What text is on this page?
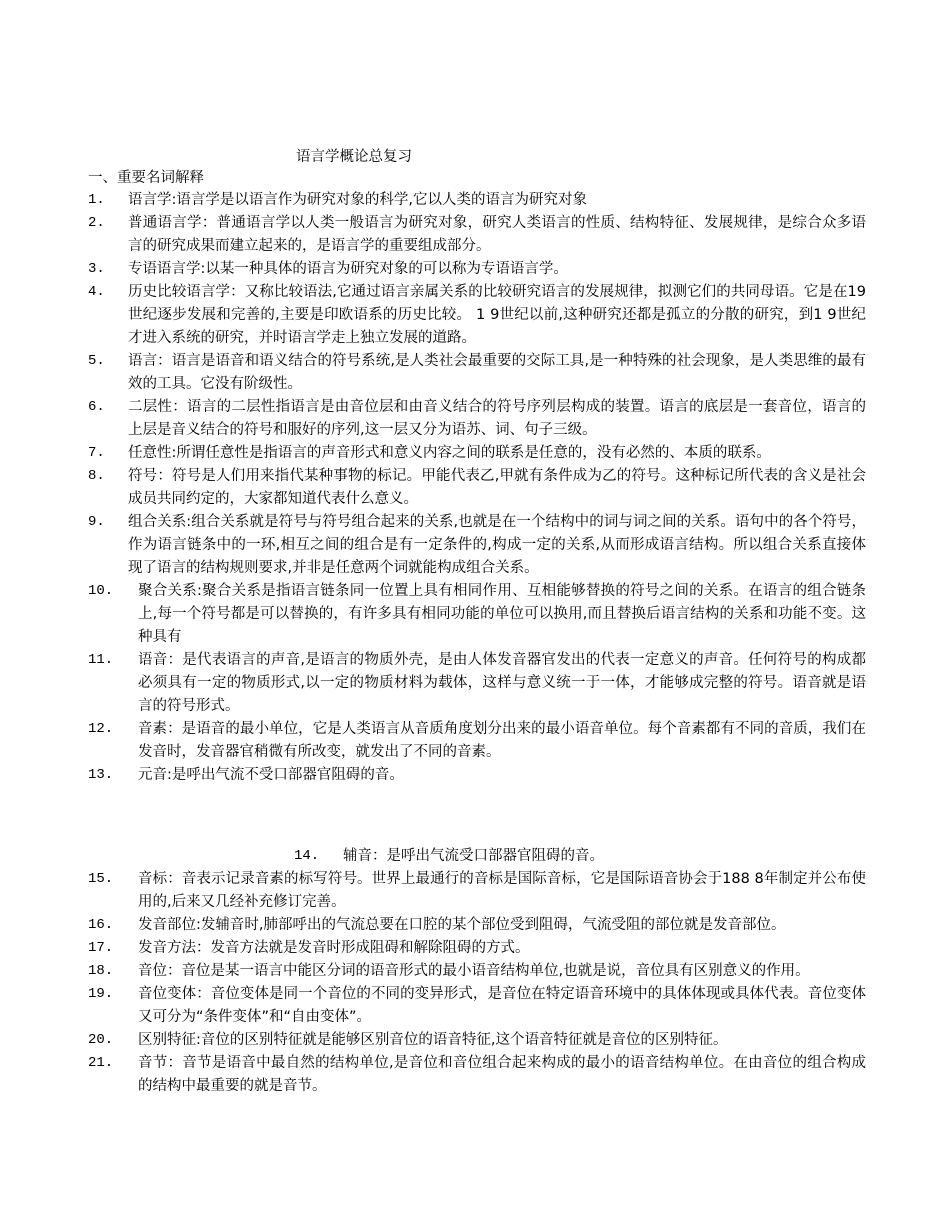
语言学概论总复习
一、重要名词解释
1. 语言学:语言学是以语言作为研究对象的科学,它以人类的语言为研究对象
2. 普通语言学：普通语言学以人类一般语言为研究对象，研究人类语言的性质、结构特征、发展规律，是综合众多语言的研究成果而建立起来的，是语言学的重要组成部分。
3. 专语语言学:以某一种具体的语言为研究对象的可以称为专语语言学。
4. 历史比较语言学：又称比较语法,它通过语言亲属关系的比较研究语言的发展规律，拟测它们的共同母语。它是在19世纪逐步发展和完善的,主要是印欧语系的历史比较。 1 9世纪以前,这种研究还都是孤立的分散的研究，到1 9世纪才进入系统的研究，并时语言学走上独立发展的道路。
5. 语言：语言是语音和语义结合的符号系统,是人类社会最重要的交际工具,是一种特殊的社会现象，是人类思维的最有效的工具。它没有阶级性。
6. 二层性：语言的二层性指语言是由音位层和由音义结合的符号序列层构成的装置。语言的底层是一套音位，语言的上层是音义结合的符号和服好的序列,这一层又分为语苏、词、句子三级。
7. 任意性:所谓任意性是指语言的声音形式和意义内容之间的联系是任意的，没有必然的、本质的联系。
8. 符号：符号是人们用来指代某种事物的标记。甲能代表乙,甲就有条件成为乙的符号。这种标记所代表的含义是社会成员共同约定的，大家都知道代表什么意义。
9. 组合关系:组合关系就是符号与符号组合起来的关系,也就是在一个结构中的词与词之间的关系。语句中的各个符号，作为语言链条中的一环,相互之间的组合是有一定条件的,构成一定的关系,从而形成语言结构。所以组合关系直接体现了语言的结构规则要求,并非是任意两个词就能构成组合关系。
10. 聚合关系:聚合关系是指语言链条同一位置上具有相同作用、互相能够替换的符号之间的关系。在语言的组合链条上,每一个符号都是可以替换的，有许多具有相同功能的单位可以换用,而且替换后语言结构的关系和功能不变。这种具有
11. 语音：是代表语言的声音,是语言的物质外壳，是由人体发音器官发出的代表一定意义的声音。任何符号的构成都必须具有一定的物质形式,以一定的物质材料为载体，这样与意义统一于一体，才能够成完整的符号。语音就是语言的符号形式。
12. 音素：是语音的最小单位，它是人类语言从音质角度划分出来的最小语音单位。每个音素都有不同的音质，我们在发音时，发音器官稍微有所改变，就发出了不同的音素。
13. 元音:是呼出气流不受口部器官阻碍的音。
14. 辅音：是呼出气流受口部器官阻碍的音。
15. 音标：音表示记录音素的标写符号。世界上最通行的音标是国际音标，它是国际语音协会于188 8年制定并公布使用的,后来又几经补充修订完善。
16. 发音部位:发辅音时,肺部呼出的气流总要在口腔的某个部位受到阻碍，气流受阻的部位就是发音部位。
17. 发音方法：发音方法就是发音时形成阻碍和解除阻碍的方式。
18. 音位：音位是某一语言中能区分词的语音形式的最小语音结构单位,也就是说，音位具有区别意义的作用。
19. 音位变体：音位变体是同一个音位的不同的变异形式，是音位在特定语音环境中的具体体现或具体代表。音位变体又可分为“条件变体”和“自由变体”。
20. 区别特征:音位的区别特征就是能够区别音位的语音特征,这个语音特征就是音位的区别特征。
21. 音节：音节是语音中最自然的结构单位,是音位和音位组合起来构成的最小的语音结构单位。在由音位的组合构成的结构中最重要的就是音节。
